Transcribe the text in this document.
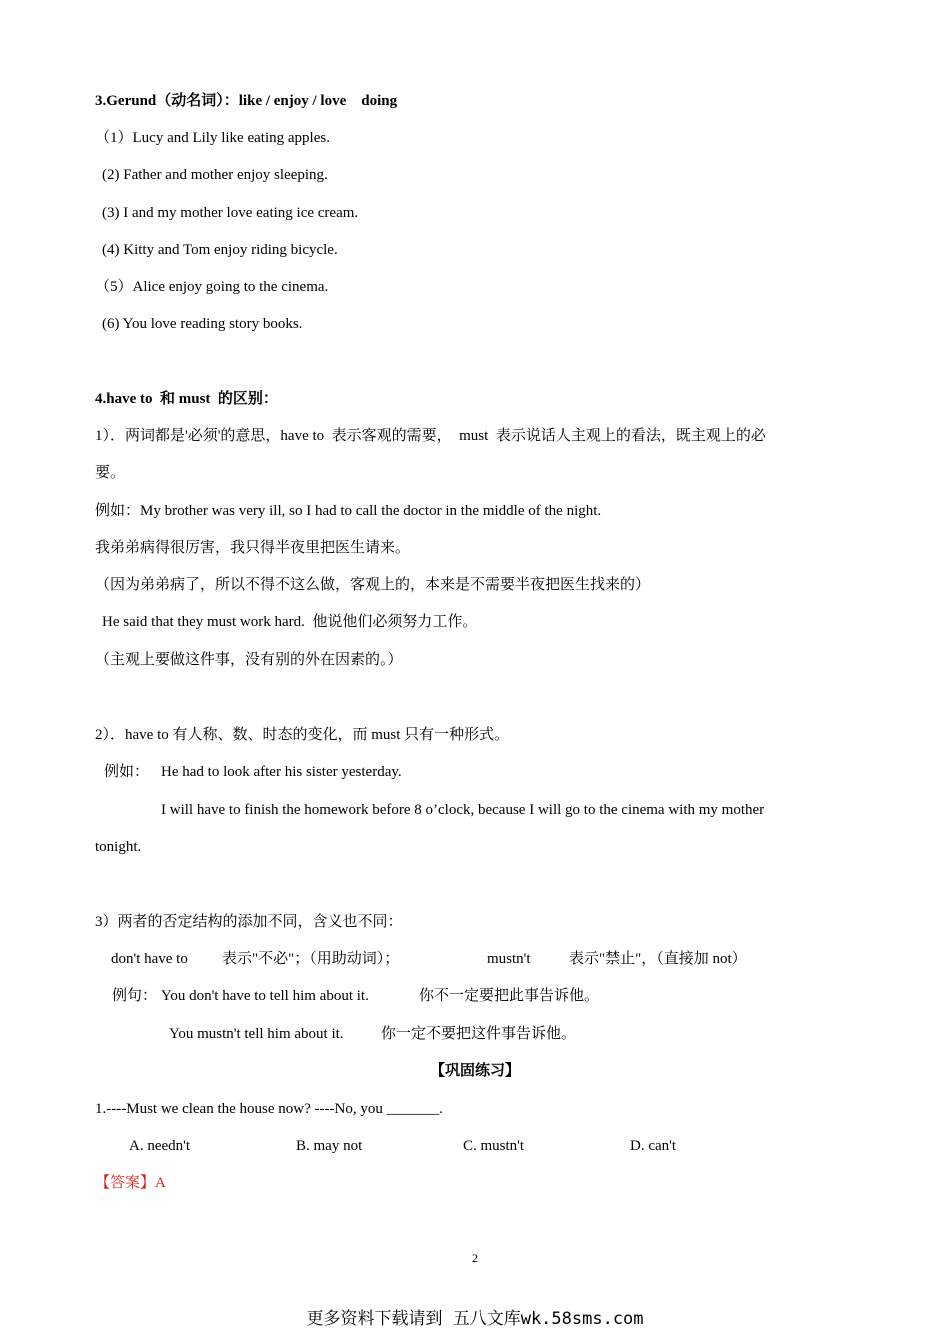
3.Gerund（动名词）：like / enjoy / love    doing
（1）Lucy and Lily like eating apples.
(2) Father and mother enjoy sleeping.
(3) I and my mother love eating ice cream.
(4) Kitty and Tom enjoy riding bicycle.
（5）Alice enjoy going to the cinema.
(6) You love reading story books.
4.have to  和 must  的区别：
1）．两词都是'必须'的意思，have to  表示客观的需要，  must  表示说话人主观上的看法，既主观上的必
要。
例如：My brother was very ill, so I had to call the doctor in the middle of the night.
我弟弟病得很厉害，我只得半夜里把医生请来。
（因为弟弟病了，所以不得不这么做，客观上的，本来是不需要半夜把医生找来的）
He said that they must work hard.  他说他们必须努力工作。
（主观上要做这件事，没有别的外在因素的。）
2）．have to 有人称、数、时态的变化，而 must 只有一种形式。
例如： He had to look after his sister yesterday.
I will have to finish the homework before 8 o’clock, because I will go to the cinema with my mother
tonight.
3）两者的否定结构的添加不同，含义也不同：
don't have to 表示"不必"；（用助动词）；	mustn't	表示"禁止"，（直接加 not）
例句： You don't have to tell him about it.	你不一定要把此事告诉他。
You mustn't tell him about it. 你一定不要把这件事告诉他。
【巩固练习】
1.----Must we clean the house now? ----No, you _______.

A. needn't

	B. may not

	C. mustn't

	D. can't

【答案】A
2
更多资料下载请到 五八文库wk.58sms.com
